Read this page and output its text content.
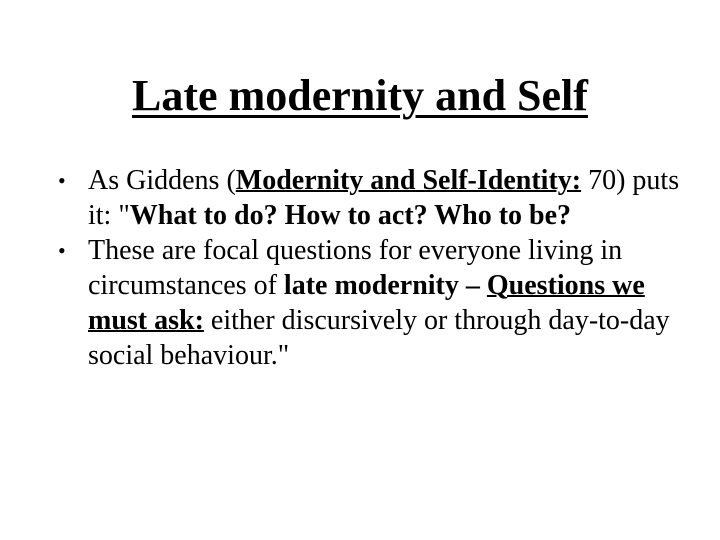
Late modernity and Self
• As Giddens (Modernity and Self-Identity: 70) puts it: "What to do? How to act? Who to be?
• These are focal questions for everyone living in circumstances of late modernity – Questions we must ask: either discursively or through day-to-day social behaviour."
